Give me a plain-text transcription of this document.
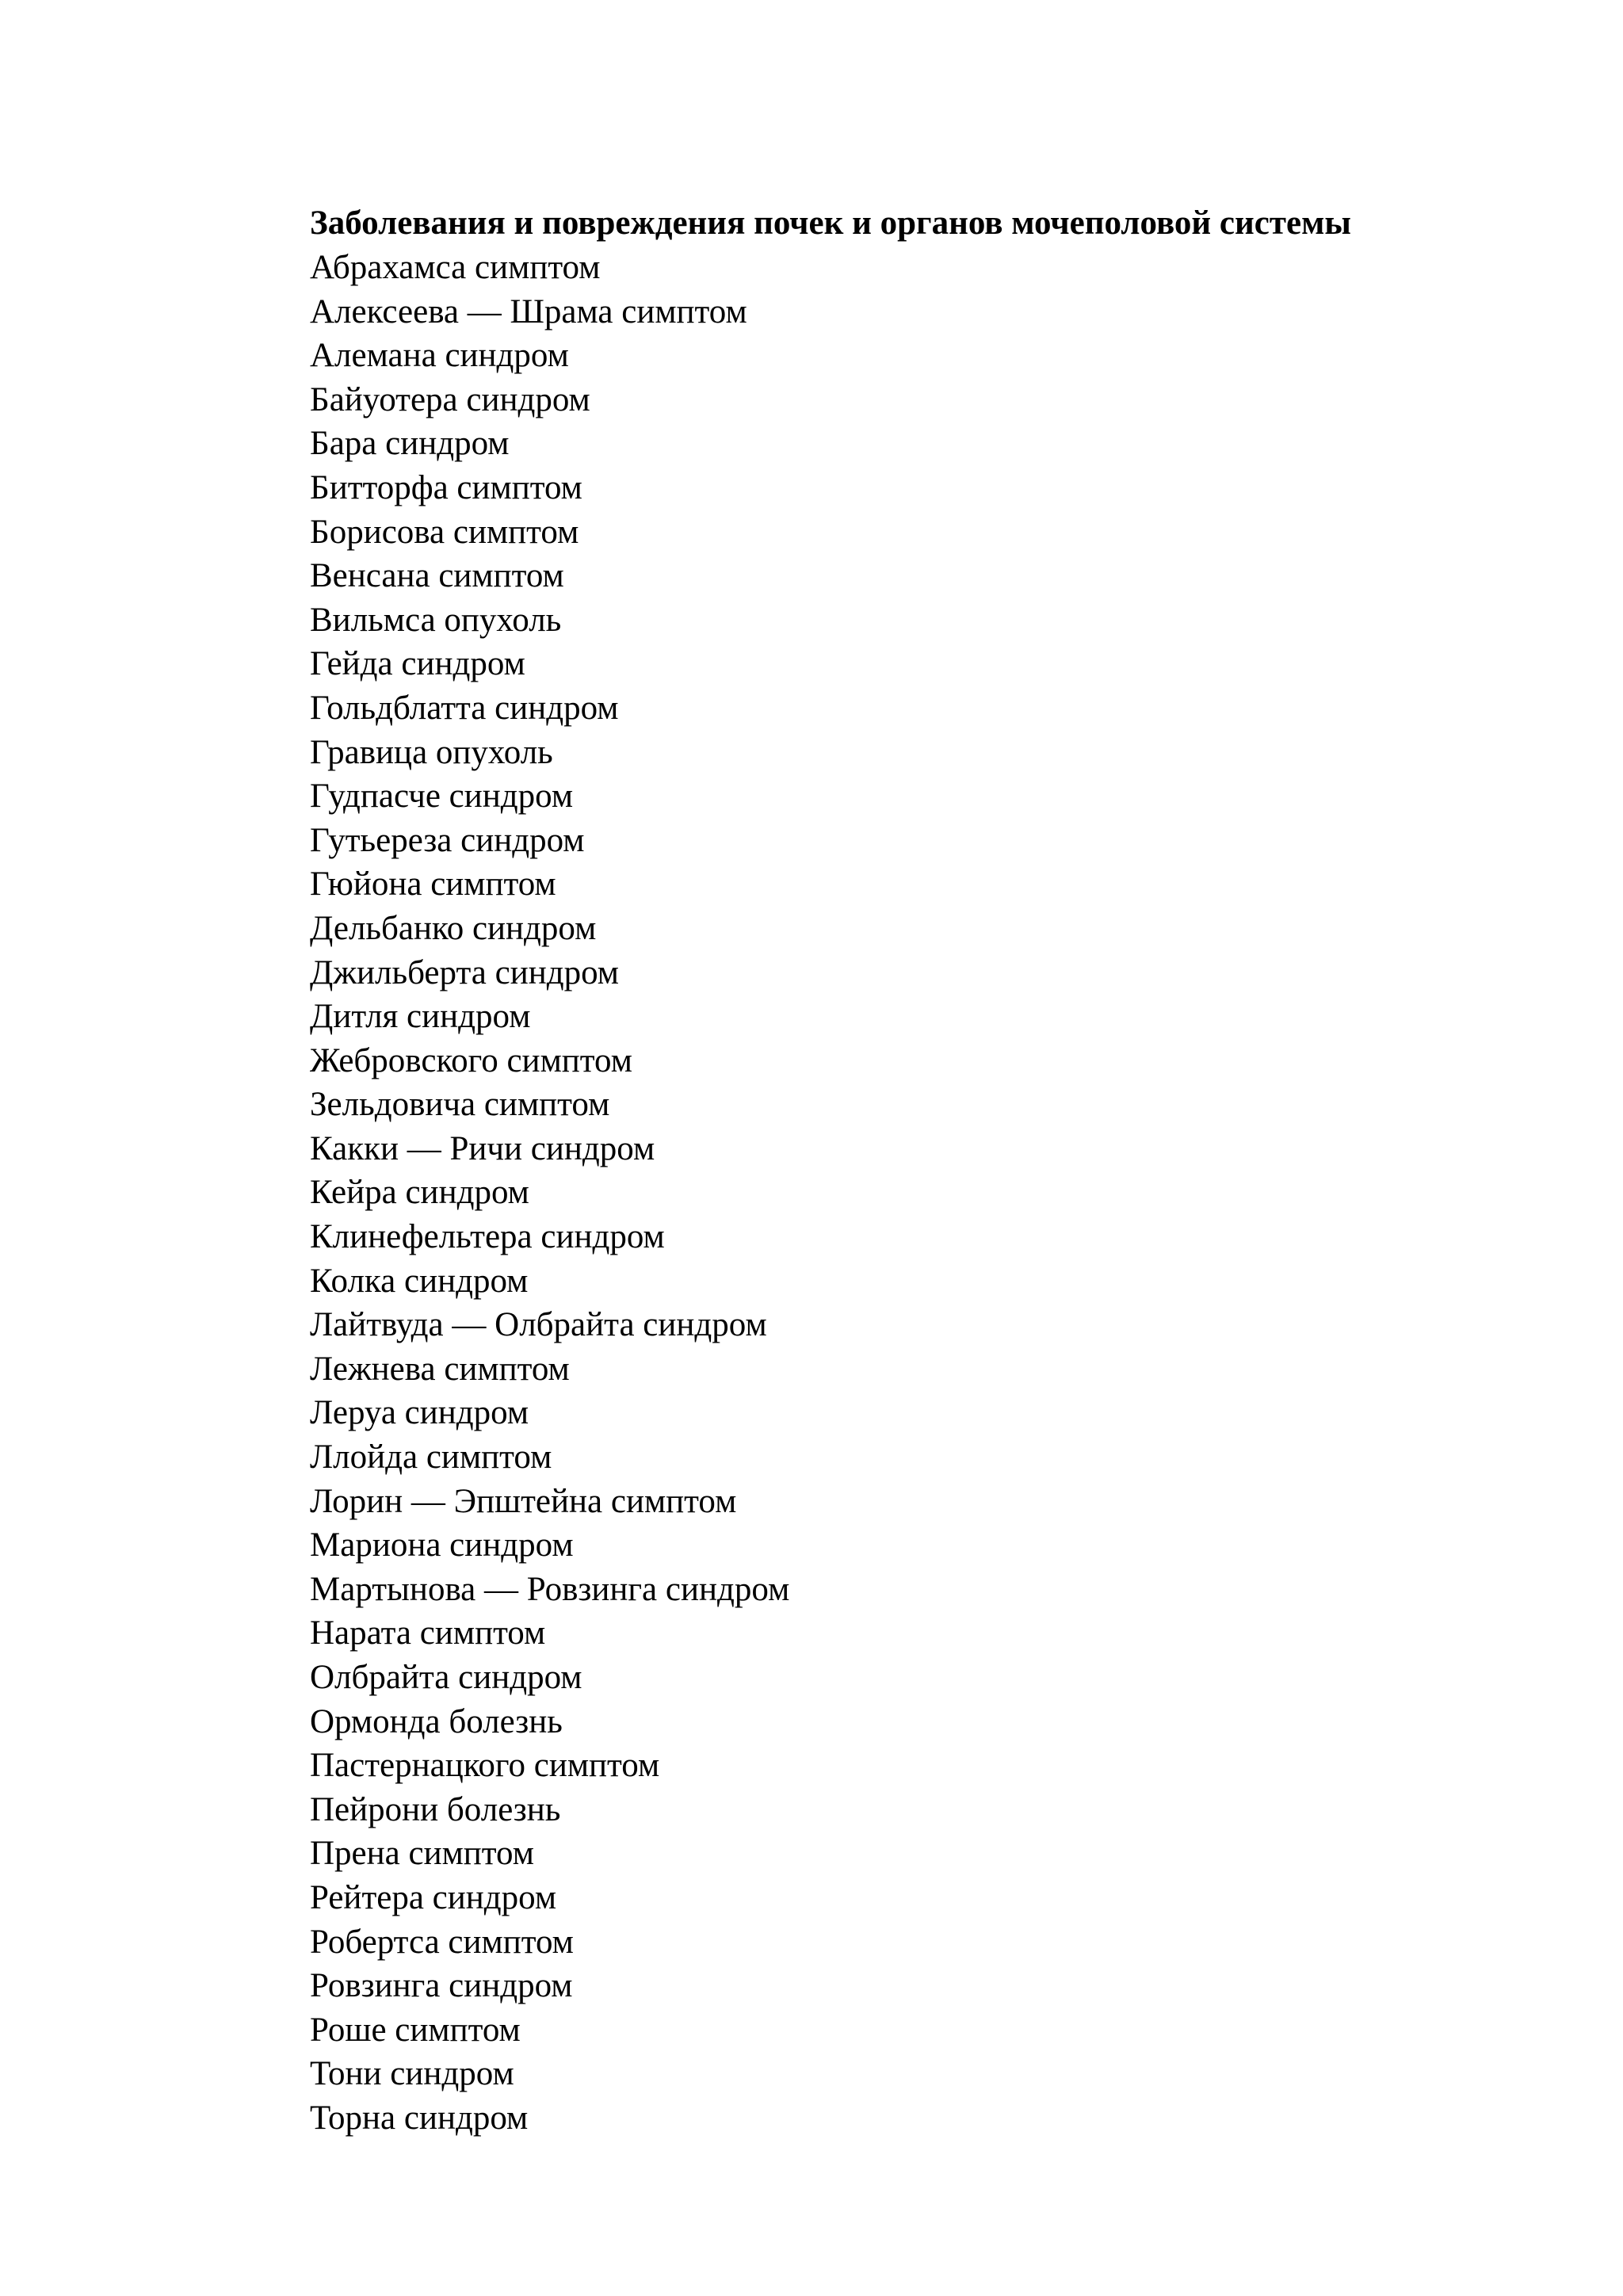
Заболевания и повреждения почек и органов мочеполовой системы
Абрахамса симптом
Алексеева — Шрама симптом
Алемана синдром
Байуотера синдром
Бара синдром
Битторфа симптом
Борисова симптом
Венсана симптом
Вильмса опухоль
Гейда синдром
Гольдблатта синдром
Гравица опухоль
Гудпасче синдром
Гутьереза синдром
Гюйона симптом
Дельбанко синдром
Джильберта синдром
Дитля синдром
Жебровского симптом
Зельдовича симптом
Какки — Ричи синдром
Кейра синдром
Клинефельтера синдром
Колка синдром
Лайтвуда — Олбрайта синдром
Лежнева симптом
Леруа синдром
Ллойда симптом
Лорин — Эпштейна симптом
Мариона синдром
Мартынова — Ровзинга синдром
Нарата симптом
Олбрайта синдром
Ормонда болезнь
Пастернацкого симптом
Пейрони болезнь
Прена симптом
Рейтера синдром
Робертса симптом
Ровзинга синдром
Роше симптом
Тони синдром
Торна синдром
